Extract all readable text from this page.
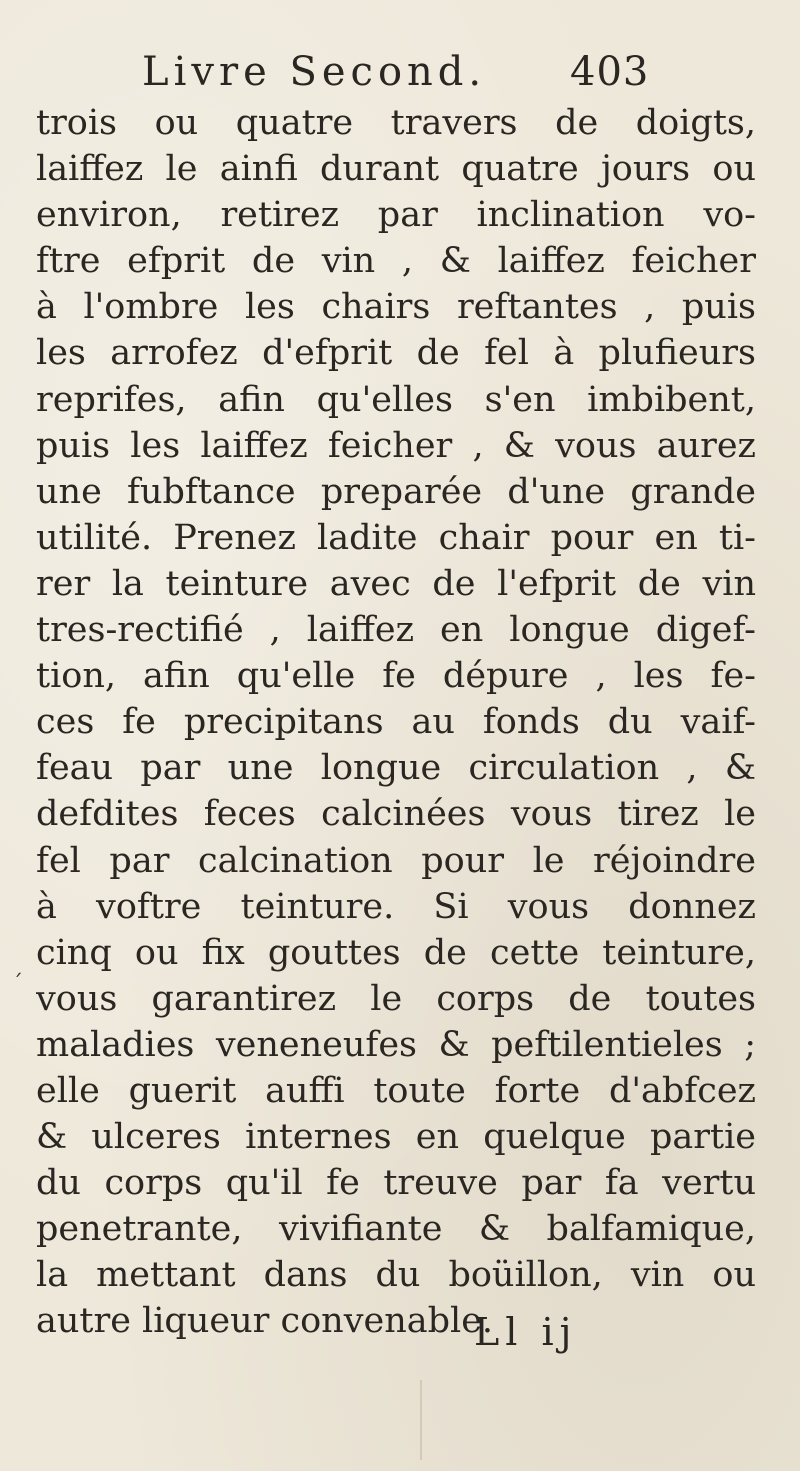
Livre Second. 403
´
trois ou quatre travers de doigts,
laiffez le ainfi durant quatre jours ou
environ, retirez par inclination vo-
ftre efprit de vin , & laiffez feicher
à l'ombre les chairs reftantes , puis
les arrofez d'efprit de fel à plufieurs
reprifes, afin qu'elles s'en imbibent,
puis les laiffez feicher , & vous aurez
une fubftance preparée d'une grande
utilité. Prenez ladite chair pour en ti-
rer la teinture avec de l'efprit de vin
tres-rectifié , laiffez en longue digef-
tion, afin qu'elle fe dépure , les fe-
ces fe precipitans au fonds du vaif-
feau par une longue circulation , &
defdites feces calcinées vous tirez le
fel par calcination pour le réjoindre
à voftre teinture. Si vous donnez
cinq ou fix gouttes de cette teinture,
vous garantirez le corps de toutes
maladies veneneufes & peftilentieles ;
elle guerit auffi toute forte d'abfcez
& ulceres internes en quelque partie
du corps qu'il fe treuve par fa vertu
penetrante, vivifiante & balfamique,
la mettant dans du boüillon, vin ou
autre liqueur convenable.
Ll ij
